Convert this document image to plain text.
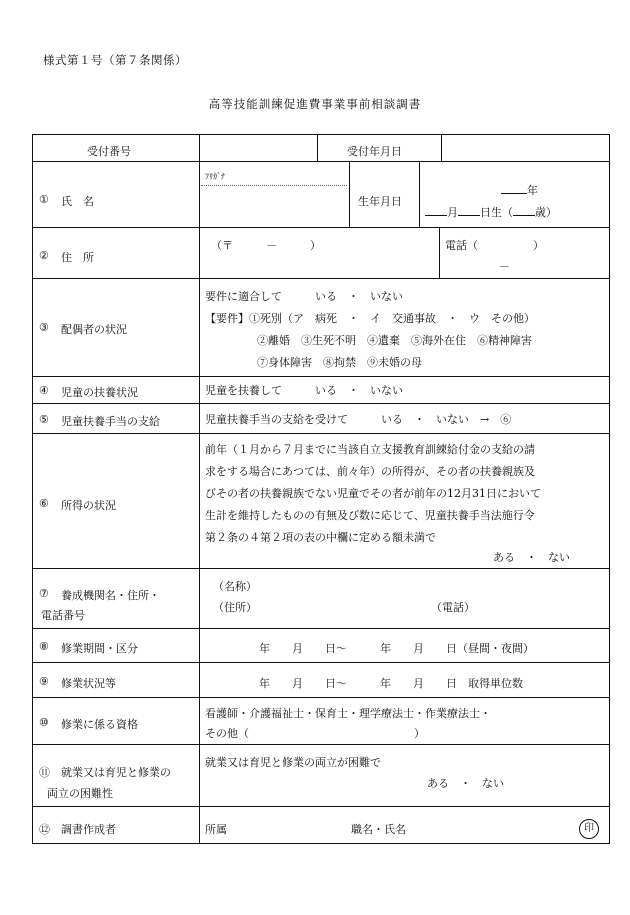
様式第１号（第７条関係）
高等技能訓練促進費事業事前相談調書
受付番号	受付年月日
① 氏　名
ﾌﾘｶﾞﾅ
生年月日
年
月 日生（ 歳）
② 住　所
（〒　　　－　　　）	電話（　　　　　）
－
③ 配偶者の状況
要件に適合して　　　いる　・　いない
【要件】①死別（ア　病死　・　イ　交通事故　・　ウ　その他）
②離婚　③生死不明　④遺棄　⑤海外在住　⑥精神障害
⑦身体障害　⑧拘禁　⑨未婚の母
④ 児童の扶養状況	児童を扶養して　　　いる　・　いない
⑤ 児童扶養手当の支給	児童扶養手当の支給を受けて　　　いる　・　いない　→　⑥
⑥ 所得の状況
前年（１月から７月までに当該自立支援教育訓練給付金の支給の請
求をする場合にあつては、前々年）の所得が、その者の扶養親族及
びその者の扶養親族でない児童でその者が前年の12月31日において
生計を維持したものの有無及び数に応じて、児童扶養手当法施行令
第２条の４第２項の表の中欄に定める額未満で
ある　・　ない
⑦ 養成機関名・住所・
電話番号
（名称）
（住所）	（電話）
⑧ 修業期間・区分	年　　月　　日～　　　年　　月　　日（昼間・夜間）
⑨ 修業状況等	年　　月　　日～　　　年　　月　　日　取得単位数
⑩ 修業に係る資格
看護師・介護福祉士・保育士・理学療法士・作業療法士・
その他（　　　　　　　　　　　　　　　）
⑪ 就業又は育児と修業の
両立の困難性
就業又は育児と修業の両立が困難で
ある　・　ない
⑫ 調書作成者	所属	職名・氏名	印
